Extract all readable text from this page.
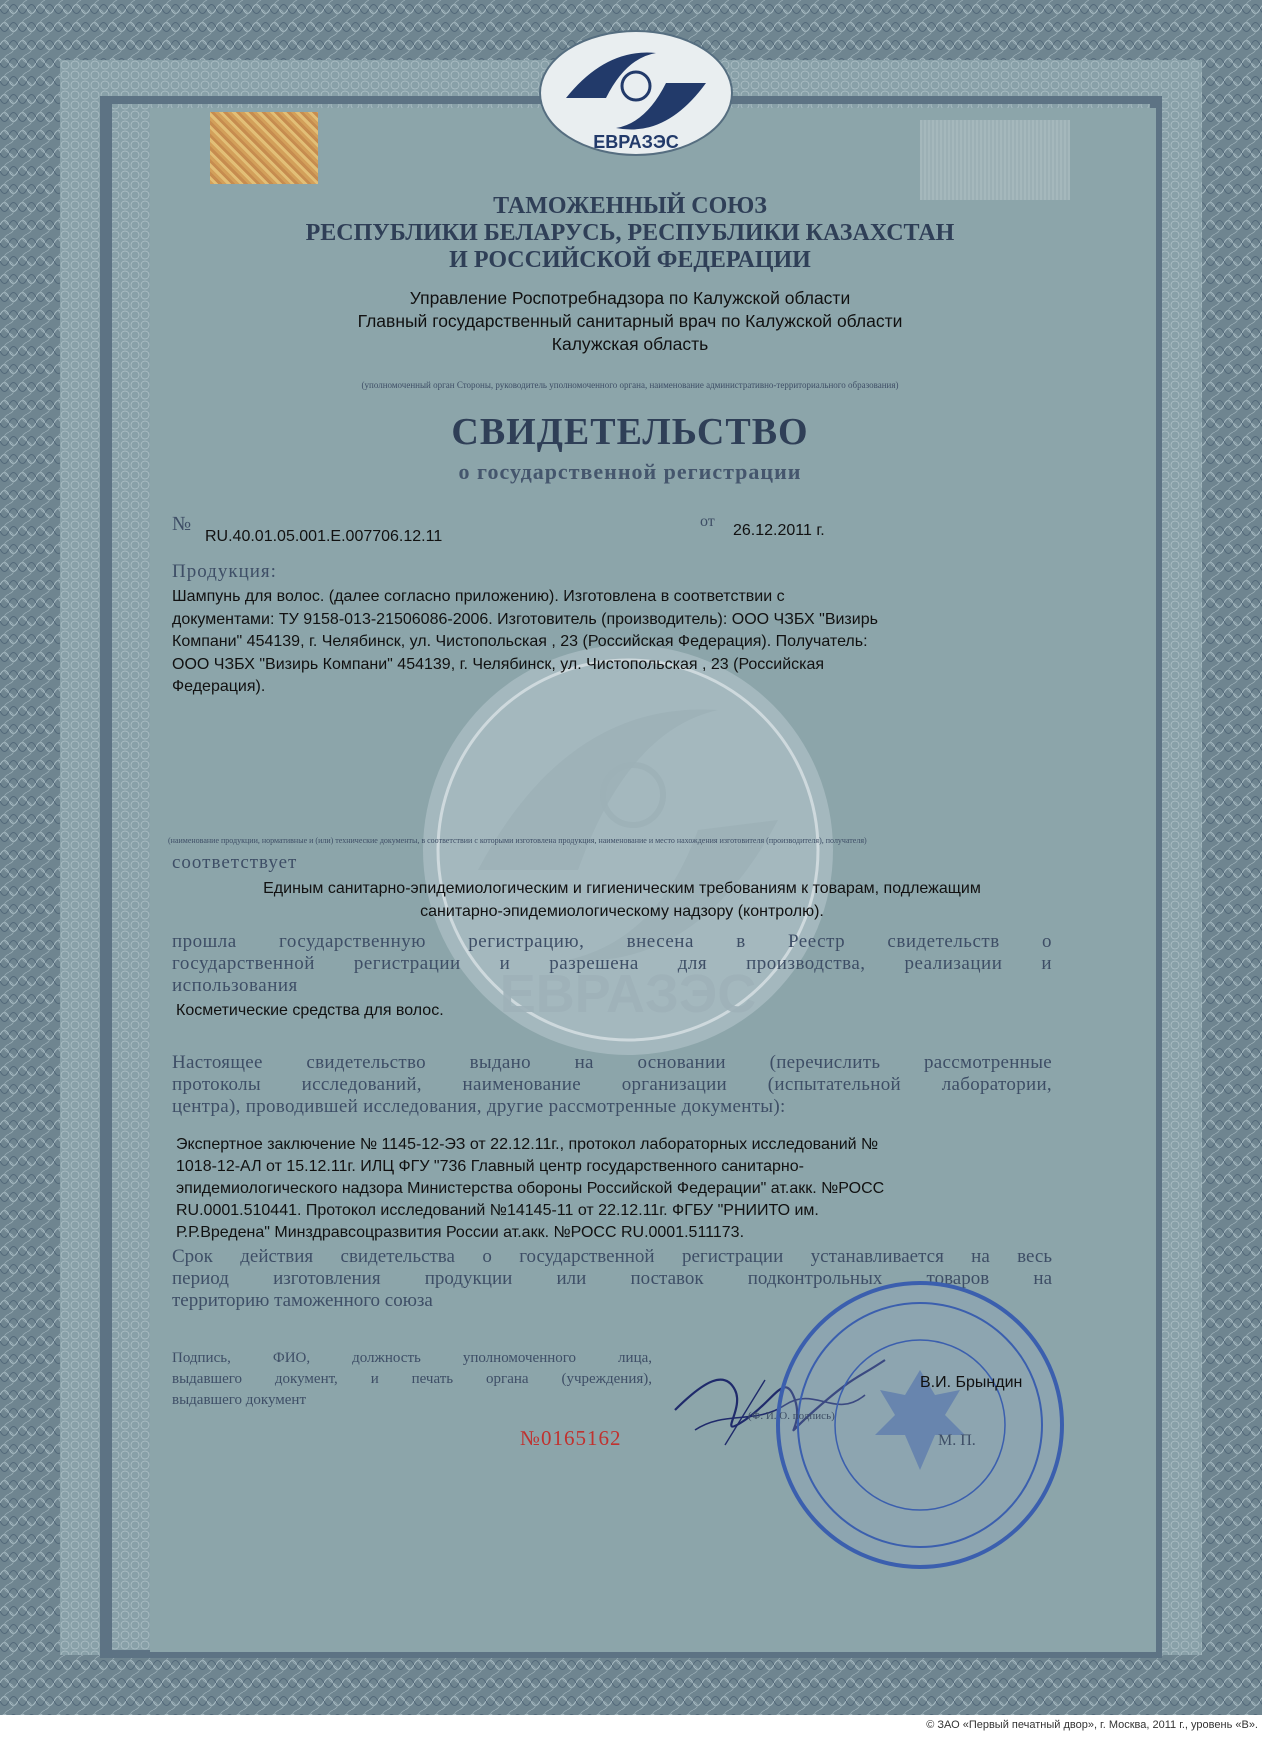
ЕВРАЗЭС
ЕВРАЗЭС
ТАМОЖЕННЫЙ СОЮЗ
РЕСПУБЛИКИ БЕЛАРУСЬ, РЕСПУБЛИКИ КАЗАХСТАН
И РОССИЙСКОЙ ФЕДЕРАЦИИ
Управление Роспотребнадзора по Калужской области
Главный государственный санитарный врач по Калужской области
Калужская область
(уполномоченный орган Стороны, руководитель уполномоченного органа, наименование административно-территориального образования)
СВИДЕТЕЛЬСТВО
о государственной регистрации
№
RU.40.01.05.001.E.007706.12.11
от
26.12.2011 г.
Продукция:
Шампунь для волос. (далее согласно приложению). Изготовлена в соответствии с
документами: ТУ 9158-013-21506086-2006. Изготовитель (производитель): ООО ЧЗБХ "Визирь
Компани" 454139, г. Челябинск, ул. Чистопольская , 23 (Российская Федерация). Получатель:
ООО ЧЗБХ "Визирь Компани" 454139, г. Челябинск, ул. Чистопольская , 23 (Российская
Федерация).
(наименование продукции, нормативные и (или) технические документы, в соответствии с которыми изготовлена продукция, наименование и место нахождения изготовителя (производителя), получателя)
соответствует
Единым санитарно-эпидемиологическим и гигиеническим требованиям к товарам, подлежащим
санитарно-эпидемиологическому надзору (контролю).
прошла государственную регистрацию, внесена в Реестр свидетельств о
государственной регистрации и разрешена для производства, реализации и
использования
Косметические средства для волос.
Настоящее свидетельство выдано на основании (перечислить рассмотренные
протоколы исследований, наименование организации (испытательной лаборатории,
центра), проводившей исследования, другие рассмотренные документы):
Экспертное заключение № 1145-12-ЭЗ от 22.12.11г., протокол лабораторных исследований №
1018-12-АЛ от 15.12.11г. ИЛЦ ФГУ "736 Главный центр государственного санитарно-
эпидемиологического надзора Министерства обороны Российской Федерации" ат.акк. №РОСС
RU.0001.510441. Протокол исследований №14145-11 от 22.12.11г. ФГБУ "РНИИТО им.
Р.Р.Вредена" Минздравсоцразвития России ат.акк. №РОСС RU.0001.511173.
Срок действия свидетельства о государственной регистрации устанавливается на весь
период изготовления продукции или поставок подконтрольных товаров на
территорию таможенного союза
Подпись, ФИО, должность уполномоченного лица,
выдавшего документ, и печать органа (учреждения),
выдавшего документ
В.И. Брындин
(Ф. И. О. подпись)
М. П.
№0165162
© ЗАО «Первый печатный двор», г. Москва, 2011 г., уровень «В».
